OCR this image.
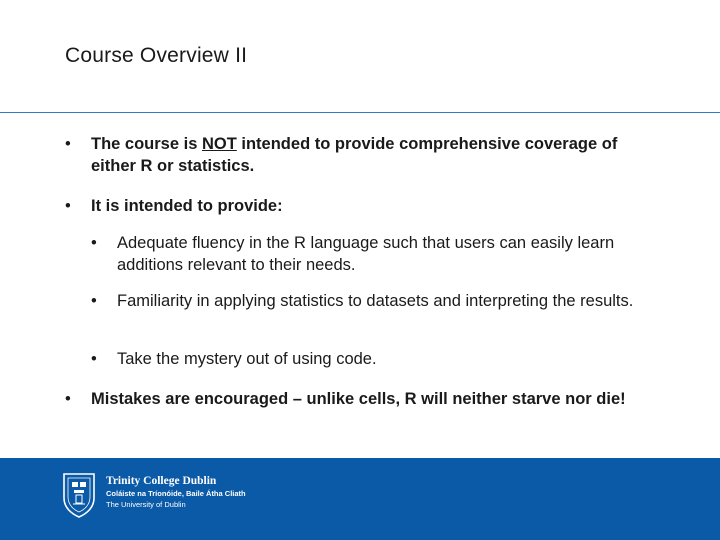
Course Overview II
• The course is NOT intended to provide comprehensive coverage of either R or statistics.
• It is intended to provide:
• Adequate fluency in the R language such that users can easily learn additions relevant to their needs.
• Familiarity in applying statistics to datasets and interpreting the results.
• Take the mystery out of using code.
• Mistakes are encouraged – unlike cells, R will neither starve nor die!
Trinity College Dublin
Coláiste na Tríonóide, Baile Átha Cliath
The University of Dublin
